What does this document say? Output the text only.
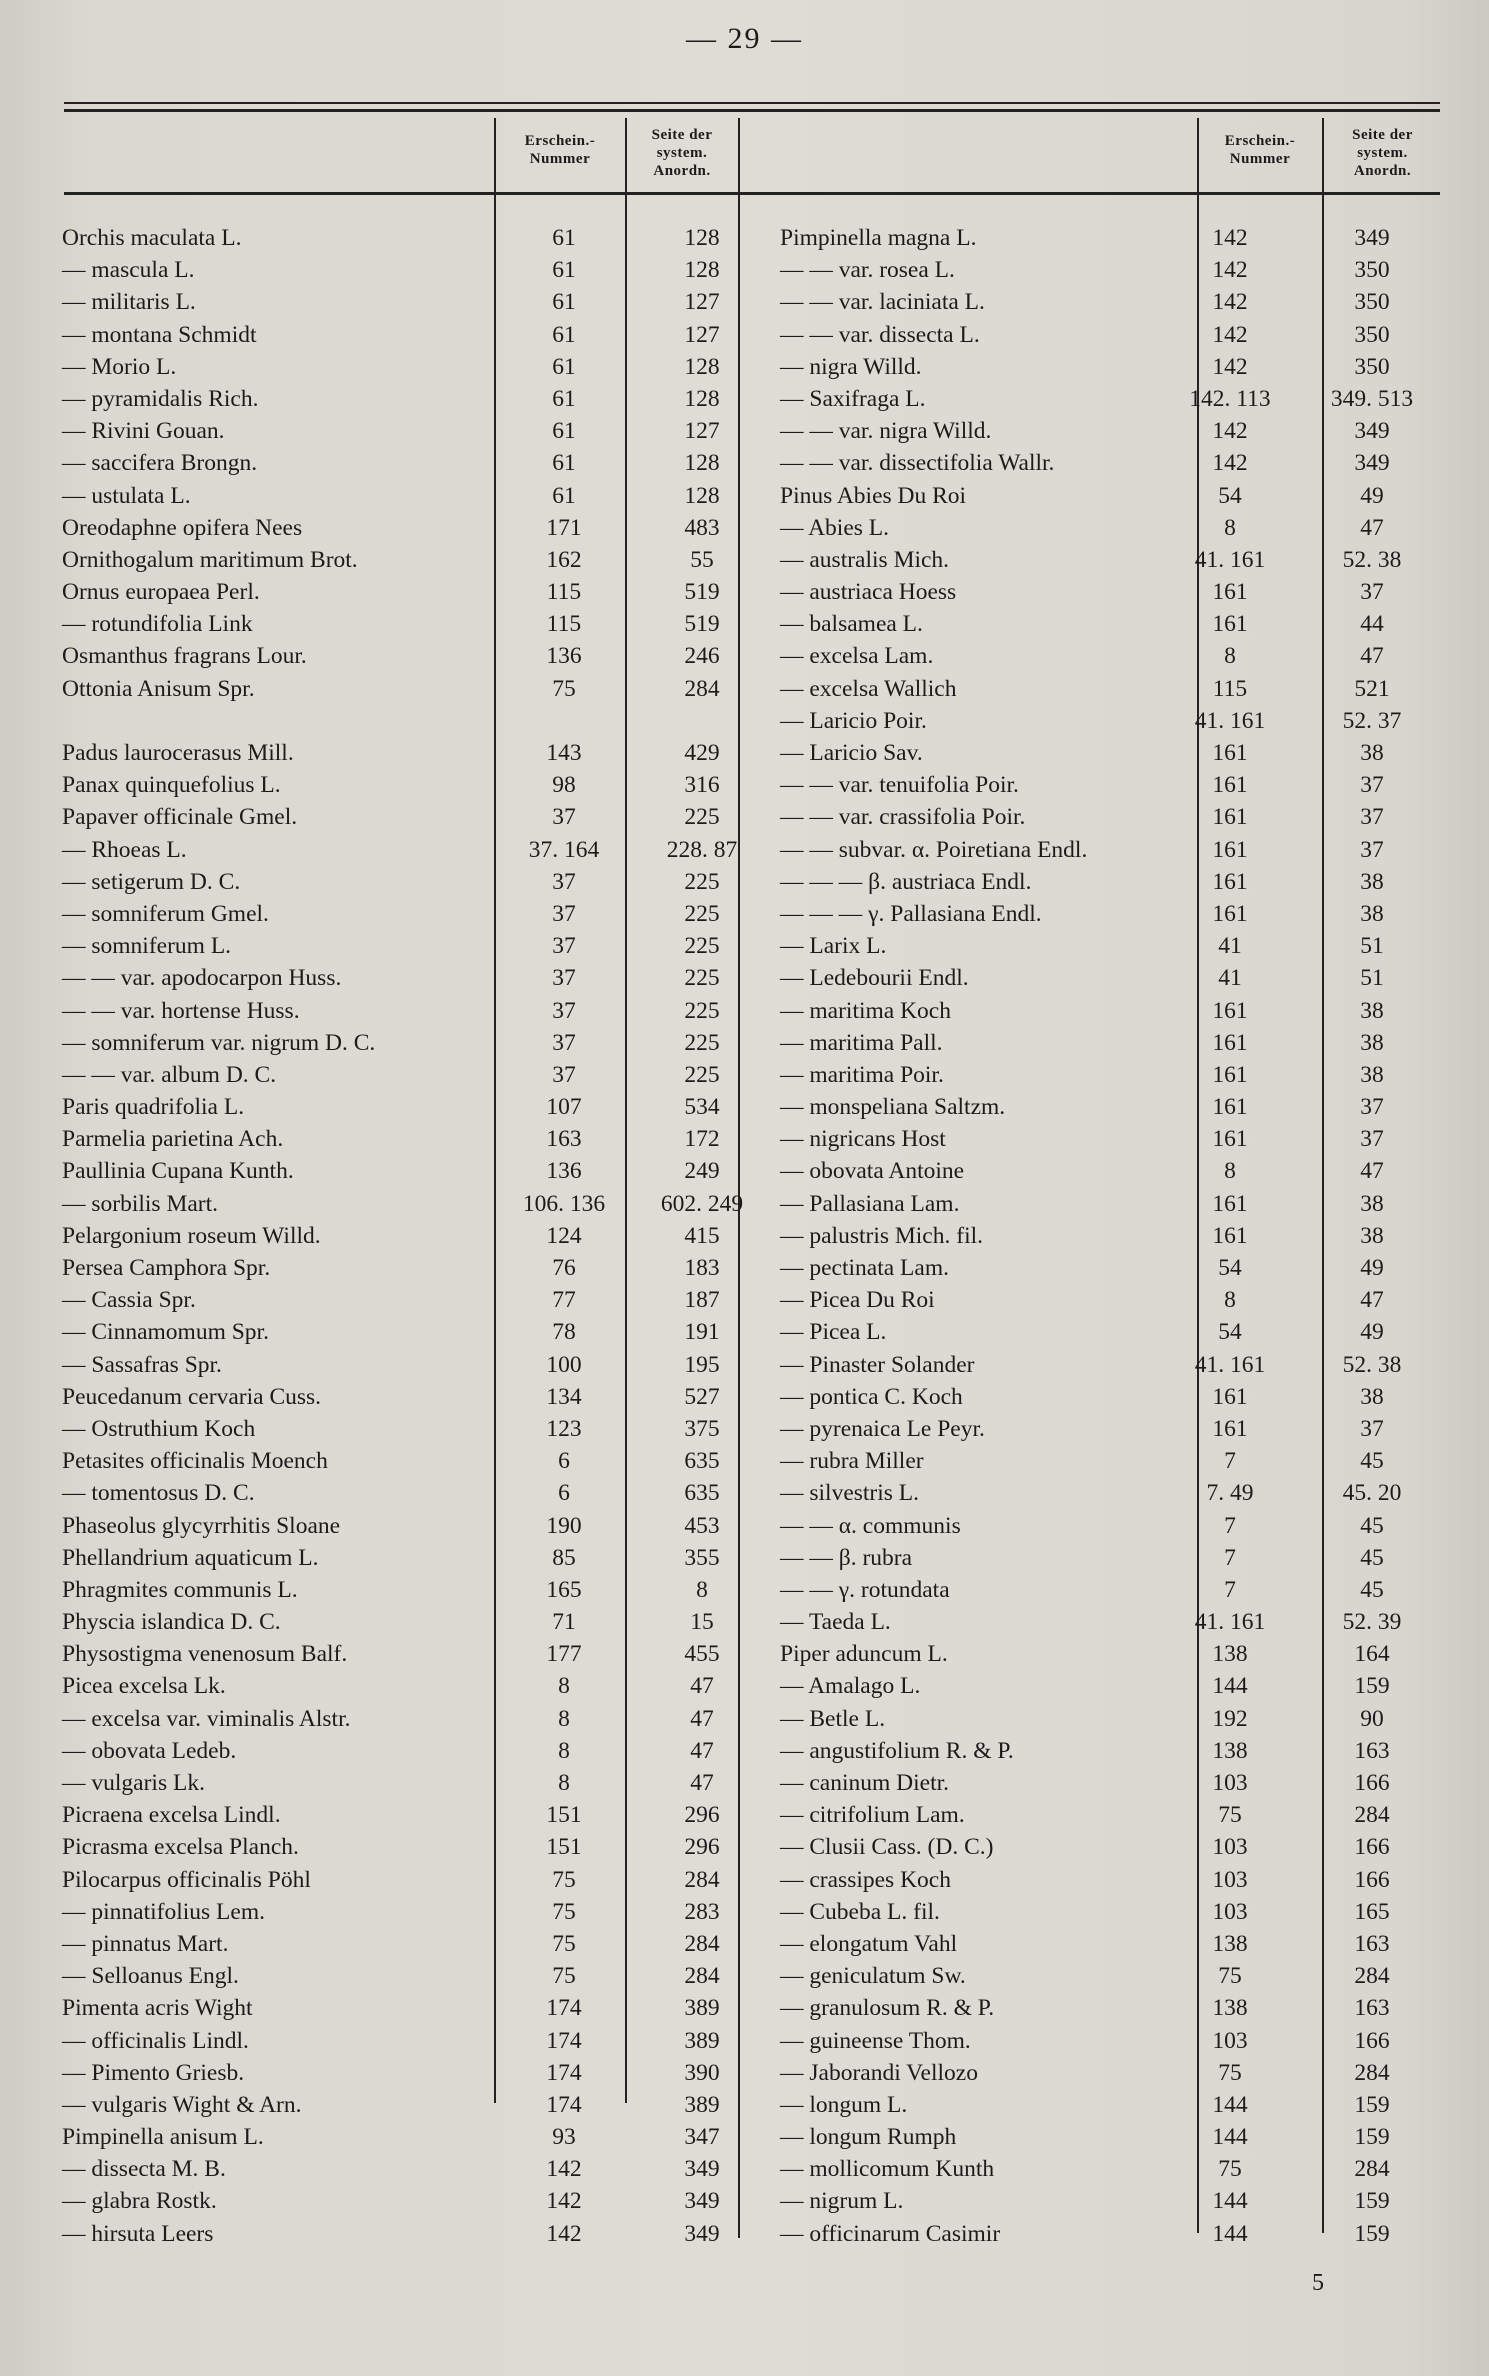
— 29 —
Erschein.-
Nummer
Seite der
system.
Anordn.
Erschein.-
Nummer
Seite der
system.
Anordn.
Orchis maculata L.	61	128
— mascula L.	61	128
— militaris L.	61	127
— montana Schmidt	61	127
— Morio L.	61	128
— pyramidalis Rich.	61	128
— Rivini Gouan.	61	127
— saccifera Brongn.	61	128
— ustulata L.	61	128
Oreodaphne opifera Nees	171	483
Ornithogalum maritimum Brot.	162	55
Ornus europaea Perl.	115	519
— rotundifolia Link	115	519
Osmanthus fragrans Lour.	136	246
Ottonia Anisum Spr.	75	284
Padus laurocerasus Mill.	143	429
Panax quinquefolius L.	98	316
Papaver officinale Gmel.	37	225
— Rhoeas L.	37. 164	228. 87
— setigerum D. C.	37	225
— somniferum Gmel.	37	225
— somniferum L.	37	225
— — var. apodocarpon Huss.	37	225
— — var. hortense Huss.	37	225
— somniferum var. nigrum D. C.	37	225
— — var. album D. C.	37	225
Paris quadrifolia L.	107	534
Parmelia parietina Ach.	163	172
Paullinia Cupana Kunth.	136	249
— sorbilis Mart.	106. 136	602. 249
Pelargonium roseum Willd.	124	415
Persea Camphora Spr.	76	183
— Cassia Spr.	77	187
— Cinnamomum Spr.	78	191
— Sassafras Spr.	100	195
Peucedanum cervaria Cuss.	134	527
— Ostruthium Koch	123	375
Petasites officinalis Moench	6	635
— tomentosus D. C.	6	635
Phaseolus glycyrrhitis Sloane	190	453
Phellandrium aquaticum L.	85	355
Phragmites communis L.	165	8
Physcia islandica D. C.	71	15
Physostigma venenosum Balf.	177	455
Picea excelsa Lk.	8	47
— excelsa var. viminalis Alstr.	8	47
— obovata Ledeb.	8	47
— vulgaris Lk.	8	47
Picraena excelsa Lindl.	151	296
Picrasma excelsa Planch.	151	296
Pilocarpus officinalis Pöhl	75	284
— pinnatifolius Lem.	75	283
— pinnatus Mart.	75	284
— Selloanus Engl.	75	284
Pimenta acris Wight	174	389
— officinalis Lindl.	174	389
— Pimento Griesb.	174	390
— vulgaris Wight & Arn.	174	389
Pimpinella anisum L.	93	347
— dissecta M. B.	142	349
— glabra Rostk.	142	349
— hirsuta Leers	142	349
Pimpinella magna L.	142	349
— — var. rosea L.	142	350
— — var. laciniata L.	142	350
— — var. dissecta L.	142	350
— nigra Willd.	142	350
— Saxifraga L.	142. 113	349. 513
— — var. nigra Willd.	142	349
— — var. dissectifolia Wallr.	142	349
Pinus Abies Du Roi	54	49
— Abies L.	8	47
— australis Mich.	41. 161	52. 38
— austriaca Hoess	161	37
— balsamea L.	161	44
— excelsa Lam.	8	47
— excelsa Wallich	115	521
— Laricio Poir.	41. 161	52. 37
— Laricio Sav.	161	38
— — var. tenuifolia Poir.	161	37
— — var. crassifolia Poir.	161	37
— — subvar. α. Poiretiana Endl.	161	37
— — — β. austriaca Endl.	161	38
— — — γ. Pallasiana Endl.	161	38
— Larix L.	41	51
— Ledebourii Endl.	41	51
— maritima Koch	161	38
— maritima Pall.	161	38
— maritima Poir.	161	38
— monspeliana Saltzm.	161	37
— nigricans Host	161	37
— obovata Antoine	8	47
— Pallasiana Lam.	161	38
— palustris Mich. fil.	161	38
— pectinata Lam.	54	49
— Picea Du Roi	8	47
— Picea L.	54	49
— Pinaster Solander	41. 161	52. 38
— pontica C. Koch	161	38
— pyrenaica Le Peyr.	161	37
— rubra Miller	7	45
— silvestris L.	7. 49	45. 20
— — α. communis	7	45
— — β. rubra	7	45
— — γ. rotundata	7	45
— Taeda L.	41. 161	52. 39
Piper aduncum L.	138	164
— Amalago L.	144	159
— Betle L.	192	90
— angustifolium R. & P.	138	163
— caninum Dietr.	103	166
— citrifolium Lam.	75	284
— Clusii Cass. (D. C.)	103	166
— crassipes Koch	103	166
— Cubeba L. fil.	103	165
— elongatum Vahl	138	163
— geniculatum Sw.	75	284
— granulosum R. & P.	138	163
— guineense Thom.	103	166
— Jaborandi Vellozo	75	284
— longum L.	144	159
— longum Rumph	144	159
— mollicomum Kunth	75	284
— nigrum L.	144	159
— officinarum Casimir	144	159
5
